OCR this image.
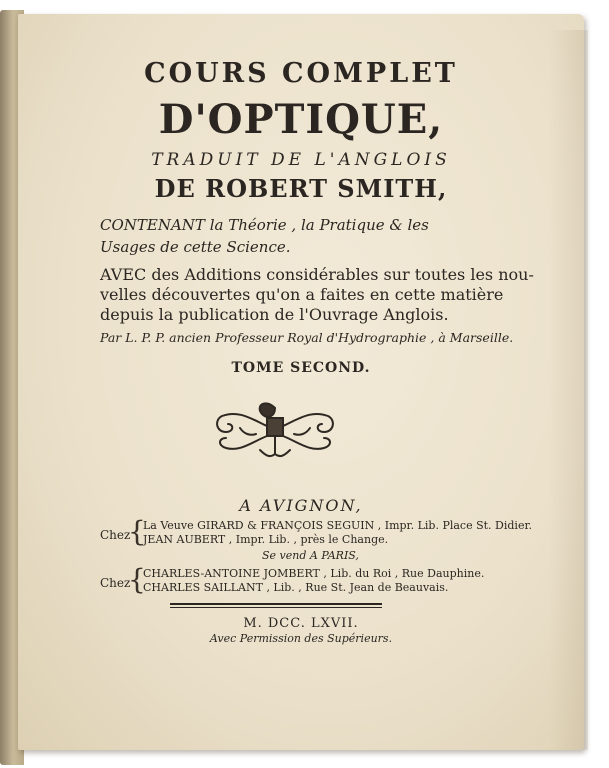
COURS COMPLET
D'OPTIQUE,
TRADUIT DE L'ANGLOIS
DE ROBERT SMITH,
CONTENANT la Théorie , la Pratique & les
Usages de cette Science.
AVEC des Additions considérables sur toutes les nou-
velles découvertes qu'on a faites en cette matière
depuis la publication de l'Ouvrage Anglois.
Par L. P. P. ancien Professeur Royal d'Hydrographie , à Marseille.
TOME SECOND.
A AVIGNON,
Chez
{
La Veuve GIRARD & FRANÇOIS SEGUIN , Impr. Lib. Place St. Didier.
JEAN AUBERT , Impr. Lib. , près le Change.
Se vend A PARIS,
Chez
{
CHARLES-ANTOINE JOMBERT , Lib. du Roi , Rue Dauphine.
CHARLES SAILLANT , Lib. , Rue St. Jean de Beauvais.
M. DCC. LXVII.
Avec Permission des Supérieurs.
